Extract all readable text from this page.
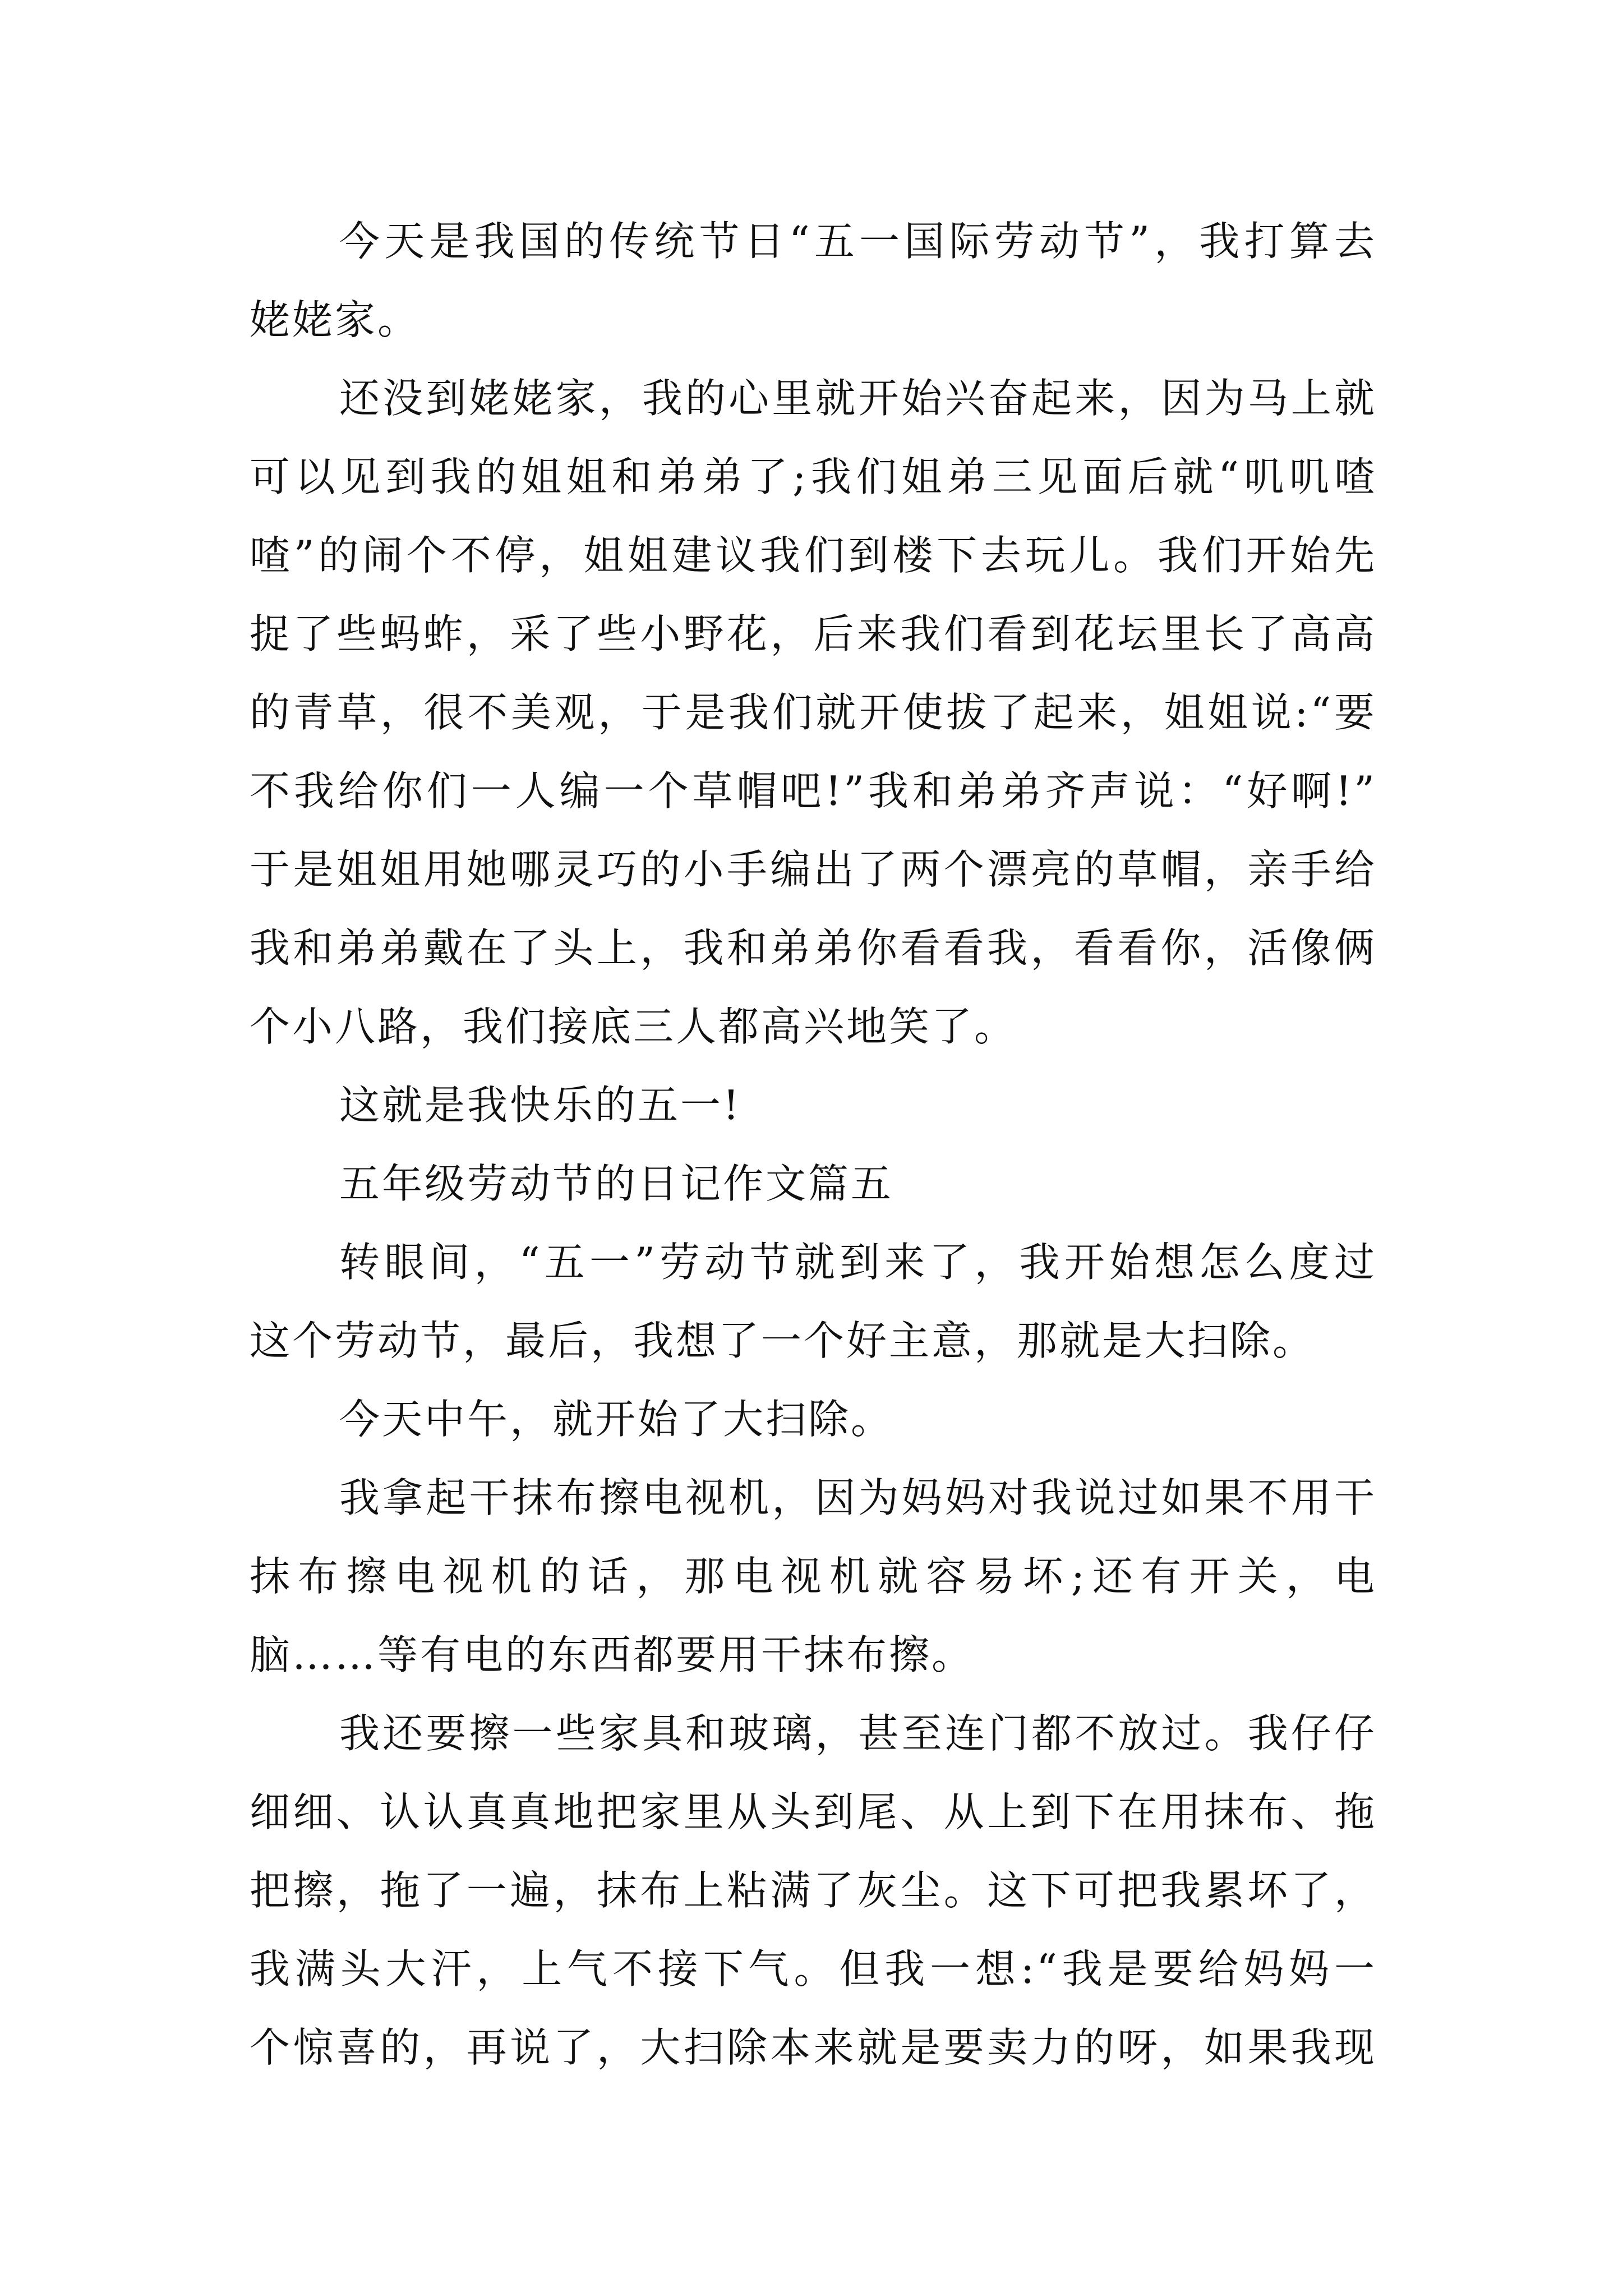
今天是我国的传统节日“五一国际劳动节”，我打算去
姥姥家。
还没到姥姥家，我的心里就开始兴奋起来，因为马上就
可以见到我的姐姐和弟弟了;我们姐弟三见面后就“叽叽喳
喳”的闹个不停，姐姐建议我们到楼下去玩儿。我们开始先
捉了些蚂蚱，采了些小野花，后来我们看到花坛里长了高高
的青草，很不美观，于是我们就开使拔了起来，姐姐说:“要
不我给你们一人编一个草帽吧!”我和弟弟齐声说：“好啊!”
于是姐姐用她哪灵巧的小手编出了两个漂亮的草帽，亲手给
我和弟弟戴在了头上，我和弟弟你看看我，看看你，活像俩
个小八路，我们接底三人都高兴地笑了。
这就是我快乐的五一!
五年级劳动节的日记作文篇五
转眼间，“五一”劳动节就到来了，我开始想怎么度过
这个劳动节，最后，我想了一个好主意，那就是大扫除。
今天中午，就开始了大扫除。
我拿起干抹布擦电视机，因为妈妈对我说过如果不用干
抹布擦电视机的话，那电视机就容易坏;还有开关，电
脑……等有电的东西都要用干抹布擦。
我还要擦一些家具和玻璃，甚至连门都不放过。我仔仔
细细、认认真真地把家里从头到尾、从上到下在用抹布、拖
把擦，拖了一遍，抹布上粘满了灰尘。这下可把我累坏了，
我满头大汗，上气不接下气。但我一想:“我是要给妈妈一
个惊喜的，再说了，大扫除本来就是要卖力的呀，如果我现
